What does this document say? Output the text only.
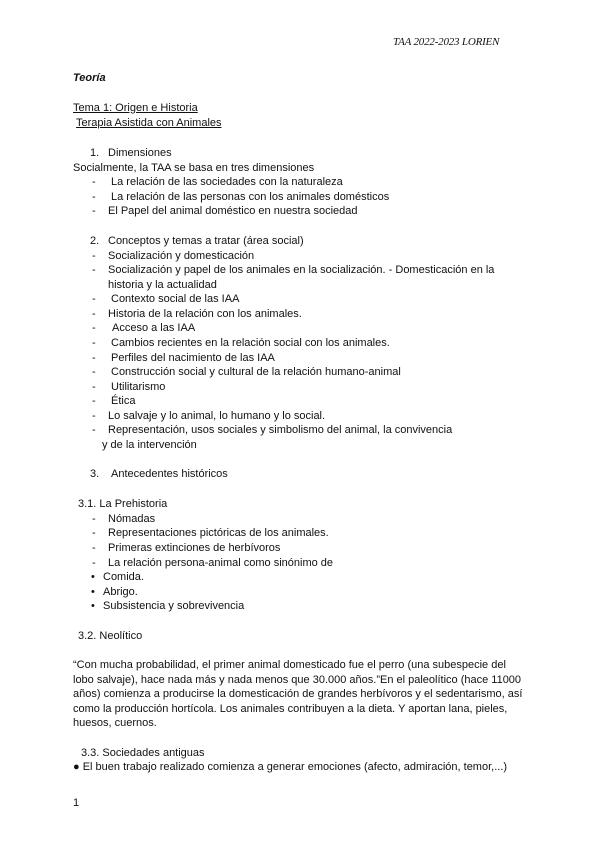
TAA 2022-2023 LORIEN
Teoría
Tema 1: Origen e Historia
Terapia Asistida con Animales
1. Dimensiones
Socialmente, la TAA se basa en tres dimensiones
- La relación de las sociedades con la naturaleza
- La relación de las personas con los animales domésticos
- El Papel del animal doméstico en nuestra sociedad
2. Conceptos y temas a tratar (área social)
- Socialización y domesticación
- Socialización y papel de los animales en la socialización. - Domesticación en la
historia y la actualidad
- Contexto social de las IAA
- Historia de la relación con los animales.
- Acceso a las IAA
- Cambios recientes en la relación social con los animales.
- Perfiles del nacimiento de las IAA
- Construcción social y cultural de la relación humano-animal
- Utilitarismo
- Ética
- Lo salvaje y lo animal, lo humano y lo social.
- Representación, usos sociales y simbolismo del animal, la convivencia
y de la intervención
3. Antecedentes históricos
3.1. La Prehistoria
- Nómadas
- Representaciones pictóricas de los animales.
- Primeras extinciones de herbívoros
- La relación persona-animal como sinónimo de
• Comida.
• Abrigo.
• Subsistencia y sobrevivencia
3.2. Neolítico
“Con mucha probabilidad, el primer animal domesticado fue el perro (una subespecie del
lobo salvaje), hace nada más y nada menos que 30.000 años.”En el paleolítico (hace 11000
años) comienza a producirse la domesticación de grandes herbívoros y el sedentarismo, así
como la producción hortícola. Los animales contribuyen a la dieta. Y aportan lana, pieles,
huesos, cuernos.
3.3. Sociedades antiguas
● El buen trabajo realizado comienza a generar emociones (afecto, admiración, temor,...)
1
